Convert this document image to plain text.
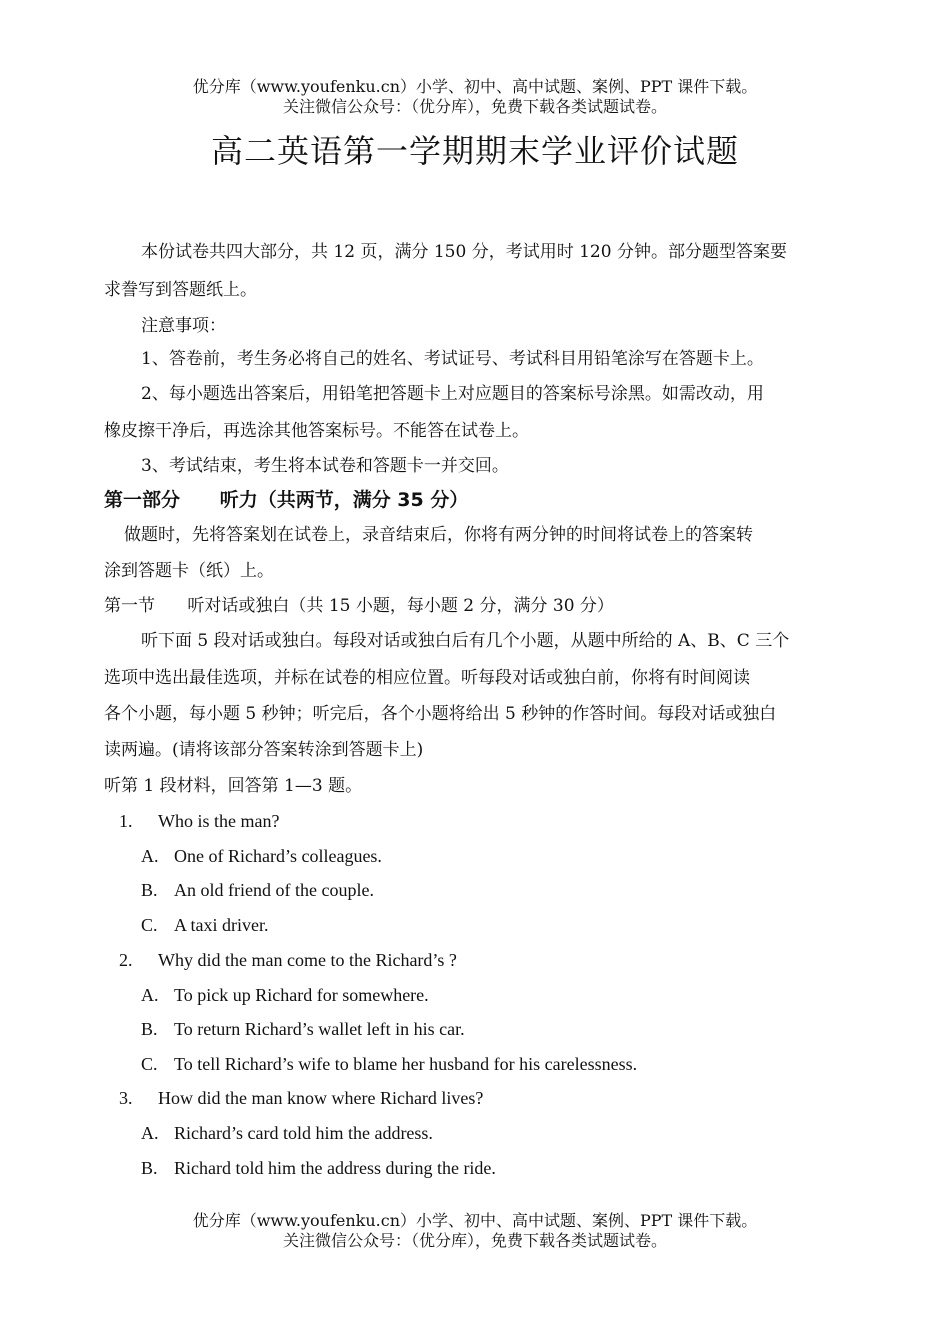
优分库（www.youfenku.cn）小学、初中、高中试题、案例、PPT 课件下载。
关注微信公众号：（优分库），免费下载各类试题试卷。
高二英语第一学期期末学业评价试题
本份试卷共四大部分，共 12 页，满分 150 分，考试用时 120 分钟。部分题型答案要
求誊写到答题纸上。
注意事项：
1、答卷前，考生务必将自己的姓名、考试证号、考试科目用铅笔涂写在答题卡上。
2、每小题选出答案后，用铅笔把答题卡上对应题目的答案标号涂黑。如需改动，用
橡皮擦干净后，再选涂其他答案标号。不能答在试卷上。
3、考试结束，考生将本试卷和答题卡一并交回。
第一部分      听力（共两节，满分 35 分）
做题时，先将答案划在试卷上，录音结束后，你将有两分钟的时间将试卷上的答案转
涂到答题卡（纸）上。
第一节      听对话或独白（共 15 小题，每小题 2 分，满分 30 分）
听下面 5 段对话或独白。每段对话或独白后有几个小题，从题中所给的 A、B、C 三个
选项中选出最佳选项，并标在试卷的相应位置。听每段对话或独白前，你将有时间阅读
各个小题，每小题 5 秒钟；听完后，各个小题将给出 5 秒钟的作答时间。每段对话或独白
读两遍。(请将该部分答案转涂到答题卡上)
听第 1 段材料，回答第 1—3 题。
1. Who is the man?
A. One of Richard’s colleagues.
B. An old friend of the couple.
C. A taxi driver.
2. Why did the man come to the Richard’s ?
A. To pick up Richard for somewhere.
B. To return Richard’s wallet left in his car.
C. To tell Richard’s wife to blame her husband for his carelessness.
3. How did the man know where Richard lives?
A. Richard’s card told him the address.
B. Richard told him the address during the ride.
优分库（www.youfenku.cn）小学、初中、高中试题、案例、PPT 课件下载。
关注微信公众号：（优分库），免费下载各类试题试卷。
